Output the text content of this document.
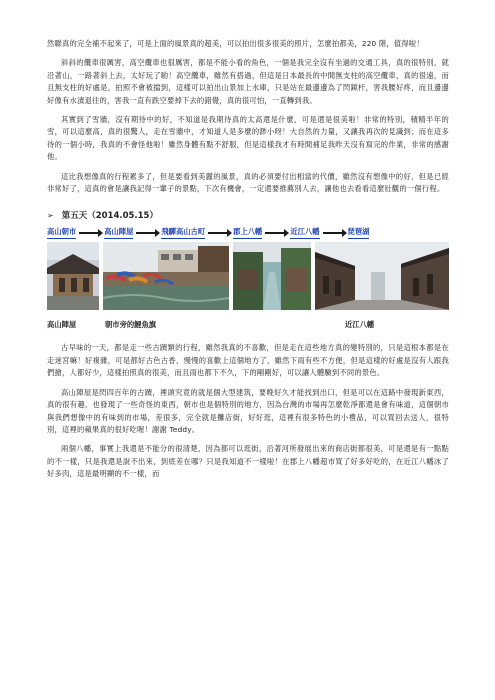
然聯真的完全補不起來了，可是上面的風景真的超美，可以拍出很多很美的照片，怎麼拍都美，220 階，值得啦！

斜斜的纜車很厲害，高空纜車也很厲害，都是不能小看的角色，一個是我完全沒有坐過的交通工具，真的很特別，就沿著山，一路著斜上去，太好玩了喲！高空纜車，雖然有搭過，但這是日本最長的中間無支柱的高空纜車，真的很遠，而且無支柱的好處是，拍照不會被擋到，這樣可以拍出山景加上水庫，只是站在最邊邊為了閃鏡杆，害我腰好疼，而且邊邊好像有水漬退往的，害我一直有跌空要掉下去的錯覺，真的很可怕，一直轉到我。

其實到了雪牆，沒有期待中的好，不知道是我期待真的太高還是什麼，可是還是很美啦！非常的特別，積精半年的雪，可以這麼高，真的很驚人，走在雪牆中，才知道人是多麼的渺小呀！大自然的力量，又讓我再次的見識到；而在這多待的一個小時，我真的不會怪他啦！雖然身體有點不舒服，但是這樣我才有時間補足我昨天沒有寫完的作業，非常的感謝他。

這比我想像真的行程累多了，但是要看到美麗的風景，真的必須要付出相當的代價，雖然沒有想像中的好，但是已經非常好了，這真的會是讓我記得一輩子的景點，下次有機會，一定還要推薦別人去，讓他也去看看這麼壯觀的一個行程。

➢ 第五天（2014.05.15）
高山朝市	高山陣屋	飛驒高山古町	郡上八幡	近江八幡	琵琶湖
高山陣屋	朝市旁的鯉魚旗	近江八幡

古早味的一天，都是走一些古蹟類的行程，雖然我真的不喜歡，但是走在這些地方真的變特別的，只是這根本都是在走迷宮嘛！好複雜，可是都好古色古香，慢慢的喜歡上這個地方了，雖然下雨有些不方便，但是這樣的好處是沒有人跟我們搶，人都好少，這樣拍照真的很美，而且雨也都下不久，下的剛剛好，可以讓人體驗到不同的景色。

高山陣屋是閃四百年的古蹟，裡頭究竟的就是個大型建筑，要晚好久才能找到出口，但是可以在這路中發現新東西，真的很有趣，也發現了一些奇怪的東西，朝市也是個特別的地方，因為台灣的市場再怎麼乾淨都還是會有味道，這個朝市與我們想像中的有味到的市場，差很多，完全就是攤店街，好好逛，這裡有很多特色的小禮品，可以買回去送人，很特別，這裡的蘋果真的很好吃喔！謝謝 Teddy。

兩個八幡，事實上我還是不能分的很清楚，因為都可以逛街，沿著河所發展出來的商店街都很美，可是還是有一點點的不一樣，只是我還是說不出來，到底差在哪？只是我知道不一樣啦！在郡上八幡超市買了好多好吃的，在近江八幡冰了好多肉，這是最明顯的不一樣，而
